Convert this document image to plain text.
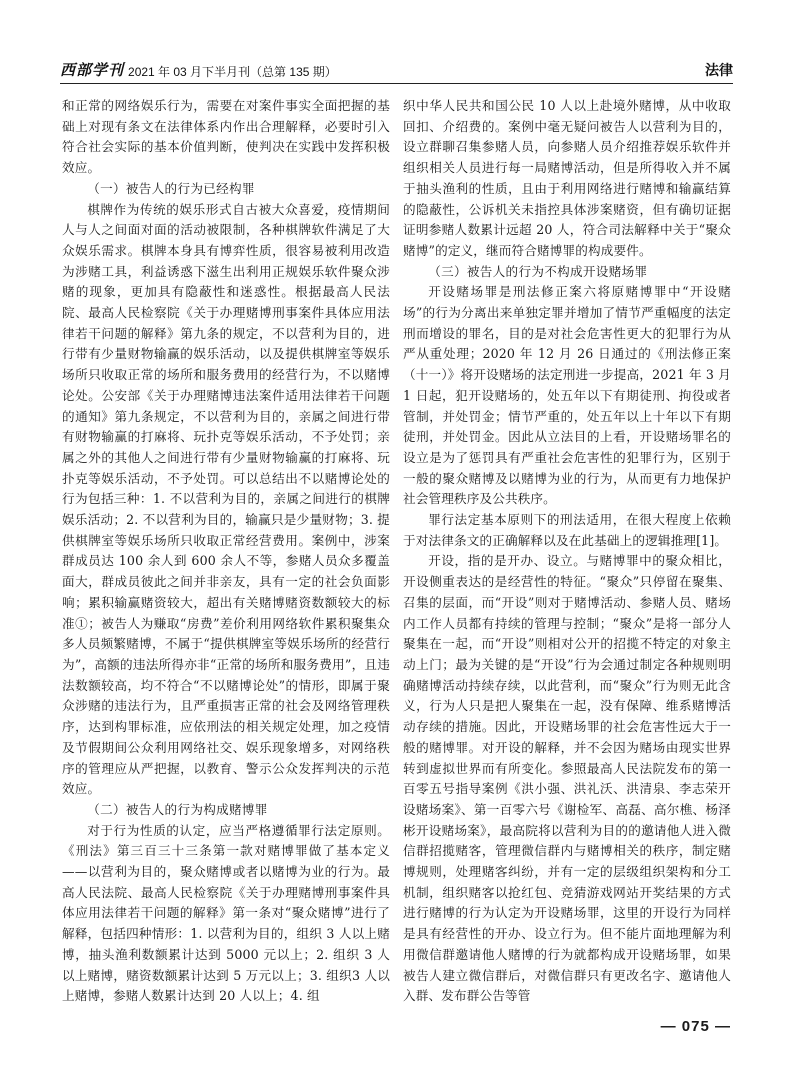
西部学刊 2021 年 03 月下半月刊（总第 135 期）	法律

和正常的网络娱乐行为，需要在对案件事实全面把握的基础上对现有条文在法律体系内作出合理解释，必要时引入符合社会实际的基本价值判断，使判决在实践中发挥积极效应。

（一）被告人的行为已经构罪

棋牌作为传统的娱乐形式自古被大众喜爱，疫情期间人与人之间面对面的活动被限制，各种棋牌软件满足了大众娱乐需求。棋牌本身具有博弈性质，很容易被利用改造为涉赌工具，利益诱惑下滋生出利用正规娱乐软件聚众涉赌的现象，更加具有隐蔽性和迷惑性。根据最高人民法院、最高人民检察院《关于办理赌博刑事案件具体应用法律若干问题的解释》第九条的规定，不以营利为目的，进行带有少量财物输赢的娱乐活动，以及提供棋牌室等娱乐场所只收取正常的场所和服务费用的经营行为，不以赌博论处。公安部《关于办理赌博违法案件适用法律若干问题的通知》第九条规定，不以营利为目的，亲属之间进行带有财物输赢的打麻将、玩扑克等娱乐活动，不予处罚；亲属之外的其他人之间进行带有少量财物输赢的打麻将、玩扑克等娱乐活动，不予处罚。可以总结出不以赌博论处的行为包括三种：1. 不以营利为目的，亲属之间进行的棋牌娱乐活动；2. 不以营利为目的，输赢只是少量财物；3. 提供棋牌室等娱乐场所只收取正常经营费用。案例中，涉案群成员达 100 余人到 600 余人不等，参赌人员众多覆盖面大，群成员彼此之间并非亲友，具有一定的社会负面影响；累积输赢赌资较大，超出有关赌博赌资数额较大的标准①；被告人为赚取“房费”差价利用网络软件累积聚集众多人员频繁赌博，不属于“提供棋牌室等娱乐场所的经营行为”，高额的违法所得亦非“正常的场所和服务费用”，且违法数额较高，均不符合“不以赌博论处”的情形，即属于聚众涉赌的违法行为，且严重损害正常的社会及网络管理秩序，达到构罪标准，应依刑法的相关规定处理，加之疫情及节假期间公众利用网络社交、娱乐现象增多，对网络秩序的管理应从严把握，以教育、警示公众发挥判决的示范效应。

（二）被告人的行为构成赌博罪

对于行为性质的认定，应当严格遵循罪行法定原则。《刑法》第三百三十三条第一款对赌博罪做了基本定义——以营利为目的，聚众赌博或者以赌博为业的行为。最高人民法院、最高人民检察院《关于办理赌博刑事案件具体应用法律若干问题的解释》第一条对“聚众赌博”进行了解释，包括四种情形：1. 以营利为目的，组织 3 人以上赌博，抽头渔利数额累计达到 5000 元以上；2. 组织 3 人以上赌博，赌资数额累计达到 5 万元以上；3. 组织3 人以上赌博，参赌人数累计达到 20 人以上；4. 组

织中华人民共和国公民 10 人以上赴境外赌博，从中收取回扣、介绍费的。案例中毫无疑问被告人以营利为目的，设立群聊召集参赌人员，向参赌人员介绍推荐娱乐软件并组织相关人员进行每一局赌博活动，但是所得收入并不属于抽头渔利的性质，且由于利用网络进行赌博和输赢结算的隐蔽性，公诉机关未指控具体涉案赌资，但有确切证据证明参赌人数累计远超 20 人，符合司法解释中关于“聚众赌博”的定义，继而符合赌博罪的构成要件。

（三）被告人的行为不构成开设赌场罪

开设赌场罪是刑法修正案六将原赌博罪中“开设赌场”的行为分离出来单独定罪并增加了情节严重幅度的法定刑而增设的罪名，目的是对社会危害性更大的犯罪行为从严从重处理；2020 年 12 月 26 日通过的《刑法修正案（十一）》将开设赌场的法定刑进一步提高，2021 年 3 月 1 日起，犯开设赌场的，处五年以下有期徒刑、拘役或者管制，并处罚金；情节严重的，处五年以上十年以下有期徒刑，并处罚金。因此从立法目的上看，开设赌场罪名的设立是为了惩罚具有严重社会危害性的犯罪行为，区别于一般的聚众赌博及以赌博为业的行为，从而更有力地保护社会管理秩序及公共秩序。

罪行法定基本原则下的刑法适用，在很大程度上依赖于对法律条文的正确解释以及在此基础上的逻辑推理[1]。

开设，指的是开办、设立。与赌博罪中的聚众相比，开设侧重表达的是经营性的特征。“聚众”只停留在聚集、召集的层面，而“开设”则对于赌博活动、参赌人员、赌场内工作人员都有持续的管理与控制；“聚众”是将一部分人聚集在一起，而“开设”则相对公开的招揽不特定的对象主动上门；最为关键的是“开设”行为会通过制定各种规则明确赌博活动持续存续，以此营利，而“聚众”行为则无此含义，行为人只是把人聚集在一起，没有保障、维系赌博活动存续的措施。因此，开设赌场罪的社会危害性远大于一般的赌博罪。对开设的解释，并不会因为赌场由现实世界转到虚拟世界而有所变化。参照最高人民法院发布的第一百零五号指导案例《洪小强、洪礼沃、洪清泉、李志荣开设赌场案》、第一百零六号《谢检军、高磊、高尔樵、杨泽彬开设赌场案》，最高院将以营利为目的的邀请他人进入微信群招揽赌客，管理微信群内与赌博相关的秩序，制定赌博规则，处理赌客纠纷，并有一定的层级组织架构和分工机制，组织赌客以抢红包、竞猜游戏网站开奖结果的方式进行赌博的行为认定为开设赌场罪，这里的开设行为同样是具有经营性的开办、设立行为。但不能片面地理解为利用微信群邀请他人赌博的行为就都构成开设赌场罪，如果被告人建立微信群后，对微信群只有更改名字、邀请他人入群、发布群公告等管

— 075 —
